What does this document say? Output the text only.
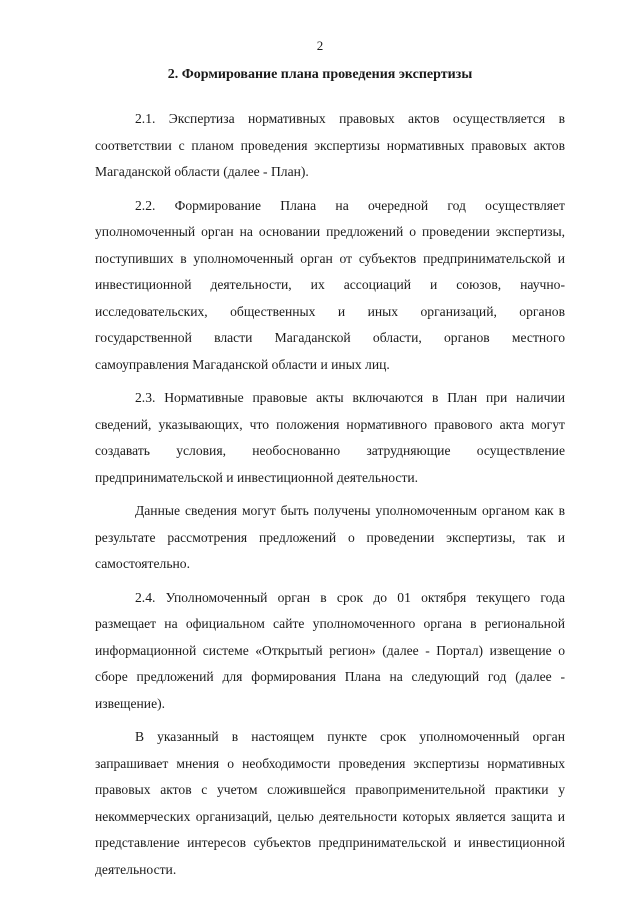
2
2. Формирование плана проведения экспертизы

2.1. Экспертиза нормативных правовых актов осуществляется в соответствии с планом проведения экспертизы нормативных правовых актов Магаданской области (далее - План).

2.2. Формирование Плана на очередной год осуществляет уполномоченный орган на основании предложений о проведении экспертизы, поступивших в уполномоченный орган от субъектов предпринимательской и инвестиционной деятельности, их ассоциаций и союзов, научно-исследовательских, общественных и иных организаций, органов государственной власти Магаданской области, органов местного самоуправления Магаданской области и иных лиц.

2.3. Нормативные правовые акты включаются в План при наличии сведений, указывающих, что положения нормативного правового акта могут создавать условия, необоснованно затрудняющие осуществление предпринимательской и инвестиционной деятельности.

Данные сведения могут быть получены уполномоченным органом как в результате рассмотрения предложений о проведении экспертизы, так и самостоятельно.

2.4. Уполномоченный орган в срок до 01 октября текущего года размещает на официальном сайте уполномоченного органа в региональной информационной системе «Открытый регион» (далее - Портал) извещение о сборе предложений для формирования Плана на следующий год (далее - извещение).

В указанный в настоящем пункте срок уполномоченный орган запрашивает мнения о необходимости проведения экспертизы нормативных правовых актов с учетом сложившейся правоприменительной практики у некоммерческих организаций, целью деятельности которых является защита и представление интересов субъектов предпринимательской и инвестиционной деятельности.
